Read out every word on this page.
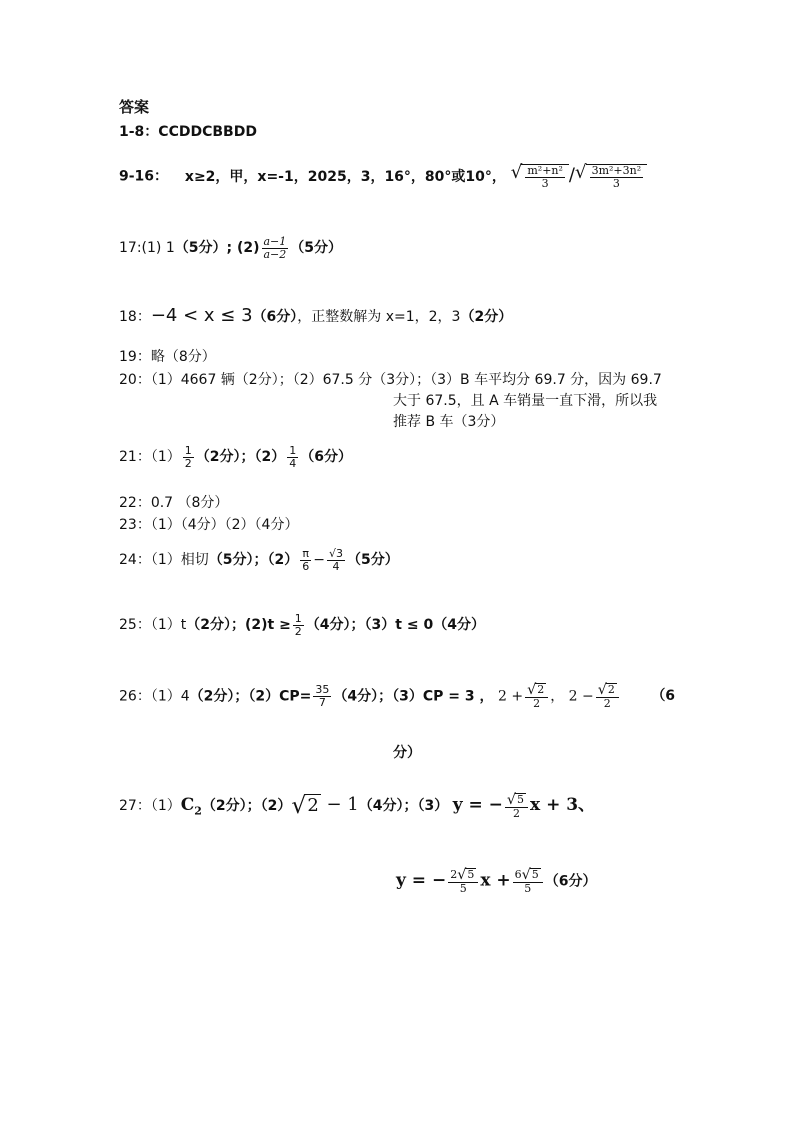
答案
1-8：CCDDCBBDD
9-16： x≥2，甲，x=-1，2025，3，16°，80°或10°， √ $\frac{\text{m²+n²}}{3}$ / √ $\frac{\text{3m²+3n²}}{3}$
17:(1) 1（5分）; $(2) \frac{a-1}{a-2} (5$分）
18：−4 < x ≤ 3（6分），正整数解为 x=1，2，3（2分）
19：略（8分）
20：（1）4667 辆（2分）；（2）67.5 分（3分）；（3）B 车平均分 69.7 分，因为 69.7
大于 67.5，且 A 车销量一直下滑，所以我
推荐 B 车（3分）
21：$(1) \frac{1}{2} (2$分）；$(2) \frac{1}{4} (6$分）
22：0.7 （8分）
23：（1）（4分）（2）（4分）
24：（1）相切（5分）；$(2) \frac{\pi}{6} - \frac{√3}{4} (5$分）
25：（1）t（2分）；$(2)t \ge \frac{1}{2} (4$分）；（3）t ≤ 0（4分）
26：（1）4（2分）；$(2)CP= \frac{35}{7} (4$分）；（3）CP = 3 ， $2 + \frac{√ 2}{2}$ ， $2 - \frac{√ 2}{2} (6$
分）
27：$(1)C_2(2$分）；（2） √ 2 − 1（4分）；（3） y = − $\frac{√ 5}{2}$ x + 3、
y = − $\frac{2 √ 5}{5}$ $x + \frac{6 √ 5}{5} (6$分）
